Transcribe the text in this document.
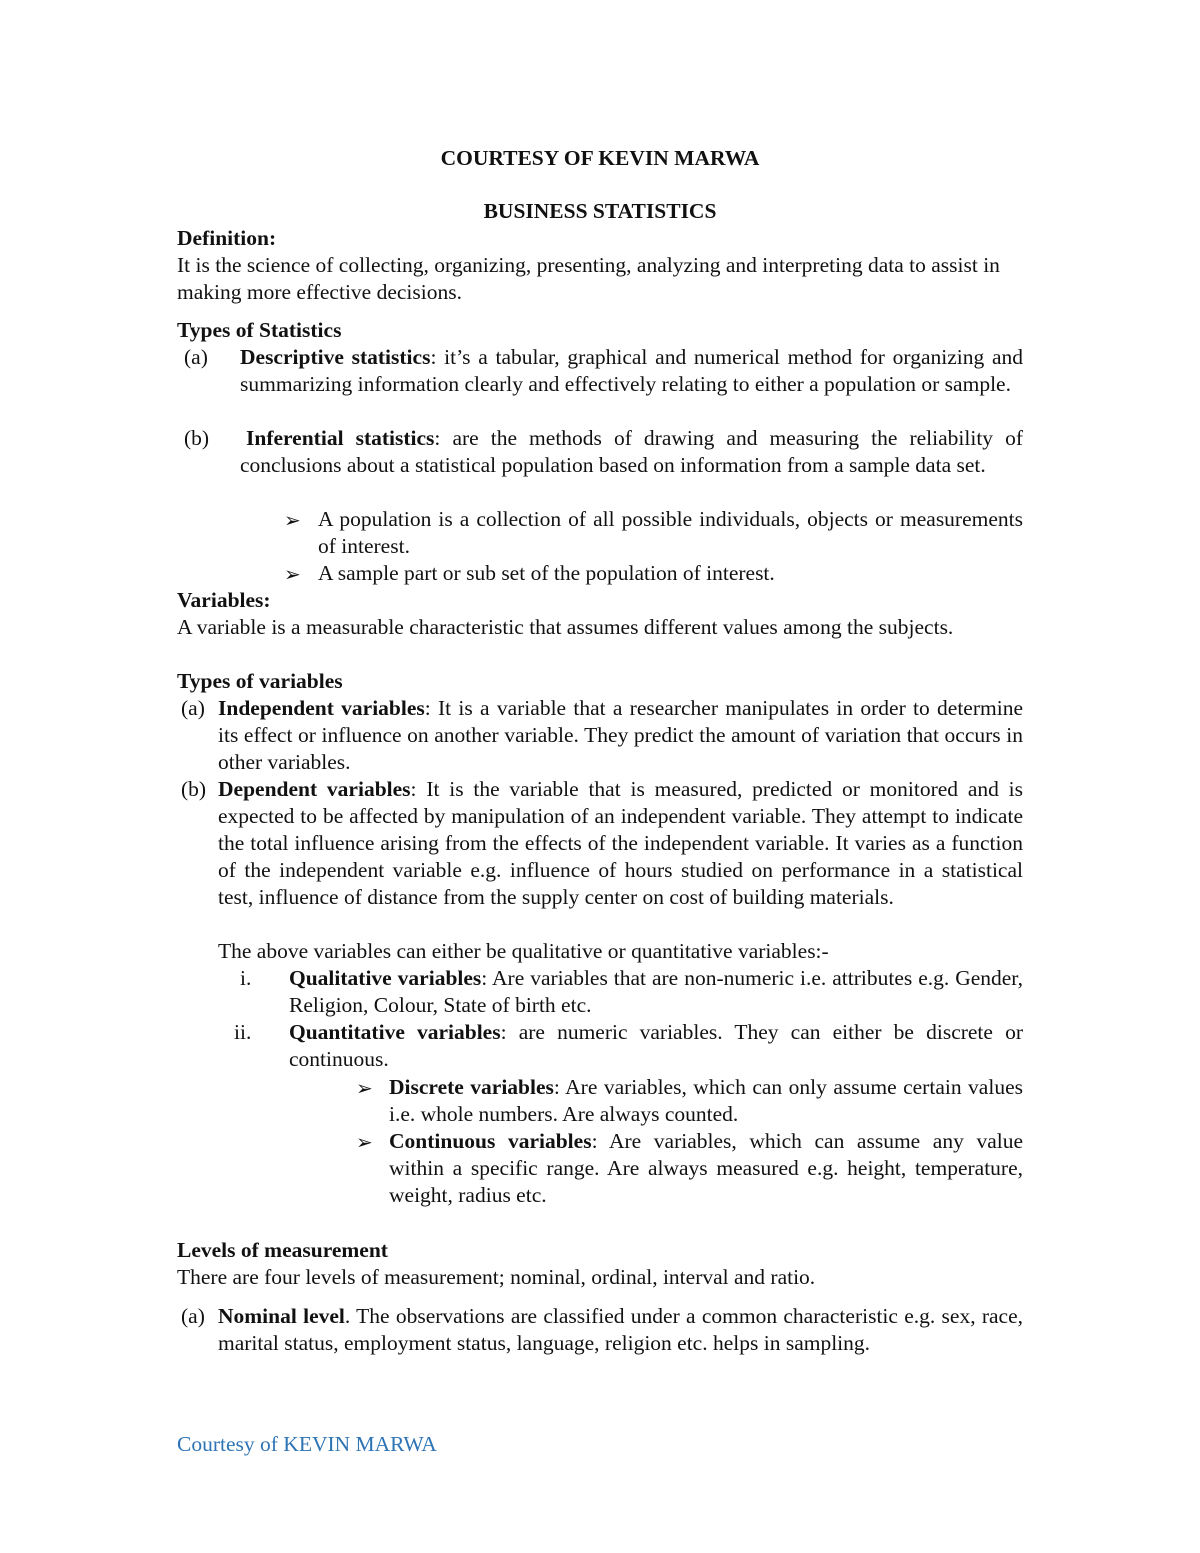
COURTESY OF KEVIN MARWA
BUSINESS STATISTICS
Definition:
It is the science of collecting, organizing, presenting, analyzing and interpreting data to assist in making more effective decisions.
Types of Statistics
(a) Descriptive statistics: it’s a tabular, graphical and numerical method for organizing and summarizing information clearly and effectively relating to either a population or sample.
(b) Inferential statistics: are the methods of drawing and measuring the reliability of conclusions about a statistical population based on information from a sample data set.
➢ A population is a collection of all possible individuals, objects or measurements of interest.
➢ A sample part or sub set of the population of interest.
Variables:
A variable is a measurable characteristic that assumes different values among the subjects.
Types of variables
(a) Independent variables: It is a variable that a researcher manipulates in order to determine its effect or influence on another variable. They predict the amount of variation that occurs in other variables.
(b) Dependent variables: It is the variable that is measured, predicted or monitored and is expected to be affected by manipulation of an independent variable. They attempt to indicate the total influence arising from the effects of the independent variable. It varies as a function of the independent variable e.g. influence of hours studied on performance in a statistical test, influence of distance from the supply center on cost of building materials.
The above variables can either be qualitative or quantitative variables:-
i. Qualitative variables: Are variables that are non-numeric i.e. attributes e.g. Gender, Religion, Colour, State of birth etc.
ii. Quantitative variables: are numeric variables. They can either be discrete or continuous.
➢ Discrete variables: Are variables, which can only assume certain values i.e. whole numbers. Are always counted.
➢ Continuous variables: Are variables, which can assume any value within a specific range. Are always measured e.g. height, temperature, weight, radius etc.
Levels of measurement
There are four levels of measurement; nominal, ordinal, interval and ratio.
(a) Nominal level. The observations are classified under a common characteristic e.g. sex, race, marital status, employment status, language, religion etc. helps in sampling.
Courtesy of KEVIN MARWA
